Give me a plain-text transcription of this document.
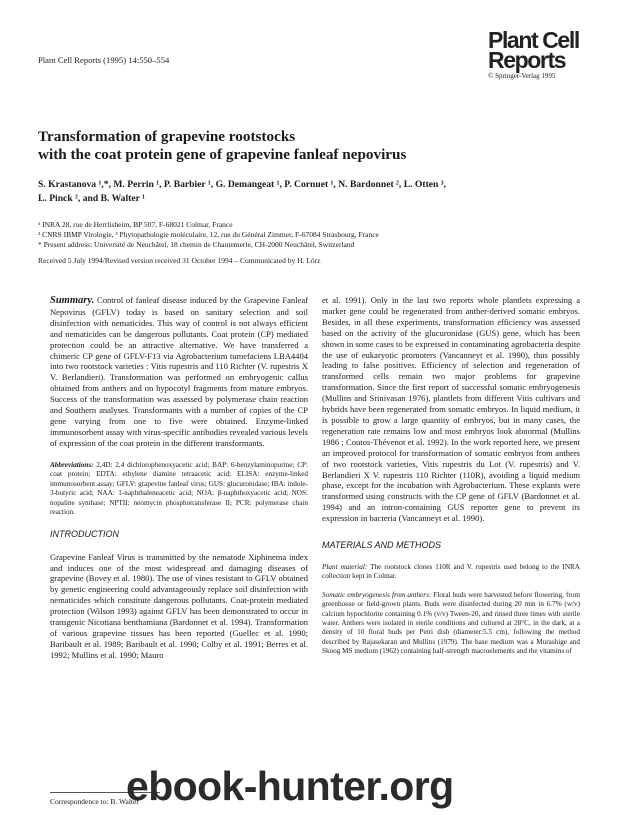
Plant Cell Reports (1995) 14:550–554
Plant Cell
Reports
© Springer-Verlag 1995
Transformation of grapevine rootstocks
with the coat protein gene of grapevine fanleaf nepovirus
S. Krastanova ¹,*, M. Perrin ¹, P. Barbier ¹, G. Demangeat ¹, P. Cornuet ¹, N. Bardonnet ², L. Otten ³,
L. Pinck ², and B. Walter ¹
¹ INRA 28, rue de Herrlisheim, BP 507, F-68021 Colmar, France
² CNRS IBMP Virologie, ³ Phytopathologie moléculaire, 12, rue du Général Zimmer, F-67084 Strasbourg, France
* Present address: Université de Neuchâtel, 18 chemin de Chantemerle, CH-2000 Neuchâtel, Switzerland
Received 5 July 1994/Revised version received 31 October 1994 – Communicated by H. Lörz

Summary. Control of fanleaf disease induced by the Grapevine Fanleaf Nepovirus (GFLV) today is based on sanitary selection and soil disinfection with nematicides. This way of control is not always efficient and nematicides can be dangerous pollutants. Coat protein (CP) mediated protection could be an attractive alternative. We have transferred a chimeric CP gene of GFLV-F13 via Agrobacterium tumefaciens LBA4404 into two rootstock varieties : Vitis rupestris and 110 Richter (V. rupestris X V. Berlandieri). Transformation was performed on embryogenic callus obtained from anthers and on hypocotyl fragments from mature embryos. Success of the transformation was assessed by polymerase chain reaction and Southern analyses. Transformants with a number of copies of the CP gene varying from one to five were obtained. Enzyme-linked immunosorbent assay with virus-specific antibodies revealed various levels of expression of the coat protein in the different transformants.

Abbreviations: 2,4D: 2,4 dichlorophenoxyacetic acid; BAP: 6-benzylaminopurine; CP: coat protein; EDTA: ethylene diamine tetraacetic acid; ELISA: enzyme-linked immunosorbent assay; GFLV: grapevine fanleaf virus; GUS: glucuronidase; IBA: indole-3-butyric acid; NAA: 1-naphthaleneacetic acid; NOA: β-naphthoxyacetic acid; NOS: nopaline synthase; NPTII: neomycin phosphotransferase II; PCR: polymerase chain reaction.

INTRODUCTION

Grapevine Fanleaf Virus is transmitted by the nematode Xiphinema index and induces one of the most widespread and damaging diseases of grapevine (Bovey et al. 1980). The use of vines resistant to GFLV obtained by genetic engineering could advantageously replace soil disinfection with nematicides which constitute dangerous pollutants. Coat-protein mediated protection (Wilson 1993) against GFLV has been demonstrated to occur in transgenic Nicotiana benthamiana (Bardonnet et al. 1994). Transformation of various grapevine tissues has been reported (Guellec et al. 1990; Baribault et al. 1989; Baribault et al. 1990; Colby et al. 1991; Berres et al. 1992; Mullins et al. 1990; Mauro

et al. 1991). Only in the last two reports whole plantlets expressing a marker gene could be regenerated from anther-derived somatic embryos. Besides, in all these experiments, transformation efficiency was assessed based on the activity of the glucuronidase (GUS) gene, which has been shown in some cases to be expressed in contaminating agrobacteria despite the use of eukaryotic promoters (Vancanneyt et al. 1990), thus possibly leading to false positives. Efficiency of selection and regeneration of transformed cells remain two major problems for grapevine transformation. Since the first report of successful somatic embryogenesis (Mullins and Srinivasan 1976), plantlets from different Vitis cultivars and hybrids have been regenerated from somatic embryos. In liquid medium, it is possible to grow a large quantity of embryos, but in many cases, the regeneration rate remains low and most embryos look abnormal (Mullins 1986 ; Coutos-Thévenot et al. 1992). In the work reported here, we present an improved protocol for transformation of somatic embryos from anthers of two rootstock varieties, Vitis rupestris du Lot (V. rupestris) and V. Berlandieri X V. rupestris 110 Richter (110R), avoiding a liquid medium phase, except for the incubation with Agrobacterium. These explants were transformed using constructs with the CP gene of GFLV (Bardonnet et al. 1994) and an intron-containing GUS reporter gene to prevent its expression in bacteria (Vancanneyt et al. 1990).

MATERIALS AND METHODS

Plant material: The rootstock clones 110R and V. rupestris used belong to the INRA collection kept in Colmar.

Somatic embryogenesis from anthers: Floral buds were harvested before flowering, from greenhouse or field-grown plants. Buds were disinfected during 20 min in 6.7% (w/v) calcium hypochlorite containing 0.1% (v/v) Tween-20, and rinsed three times with sterile water. Anthers were isolated in sterile conditions and cultured at 28°C, in the dark, at a density of 10 floral buds per Petri dish (diameter:5.5 cm), following the method described by Rajasekaran and Mullins (1979). The base medium was a Murashige and Skoog MS medium (1962) containing half-strength macroelements and the vitamins of

Correspondence to: B. Walter
ebook-hunter.org
